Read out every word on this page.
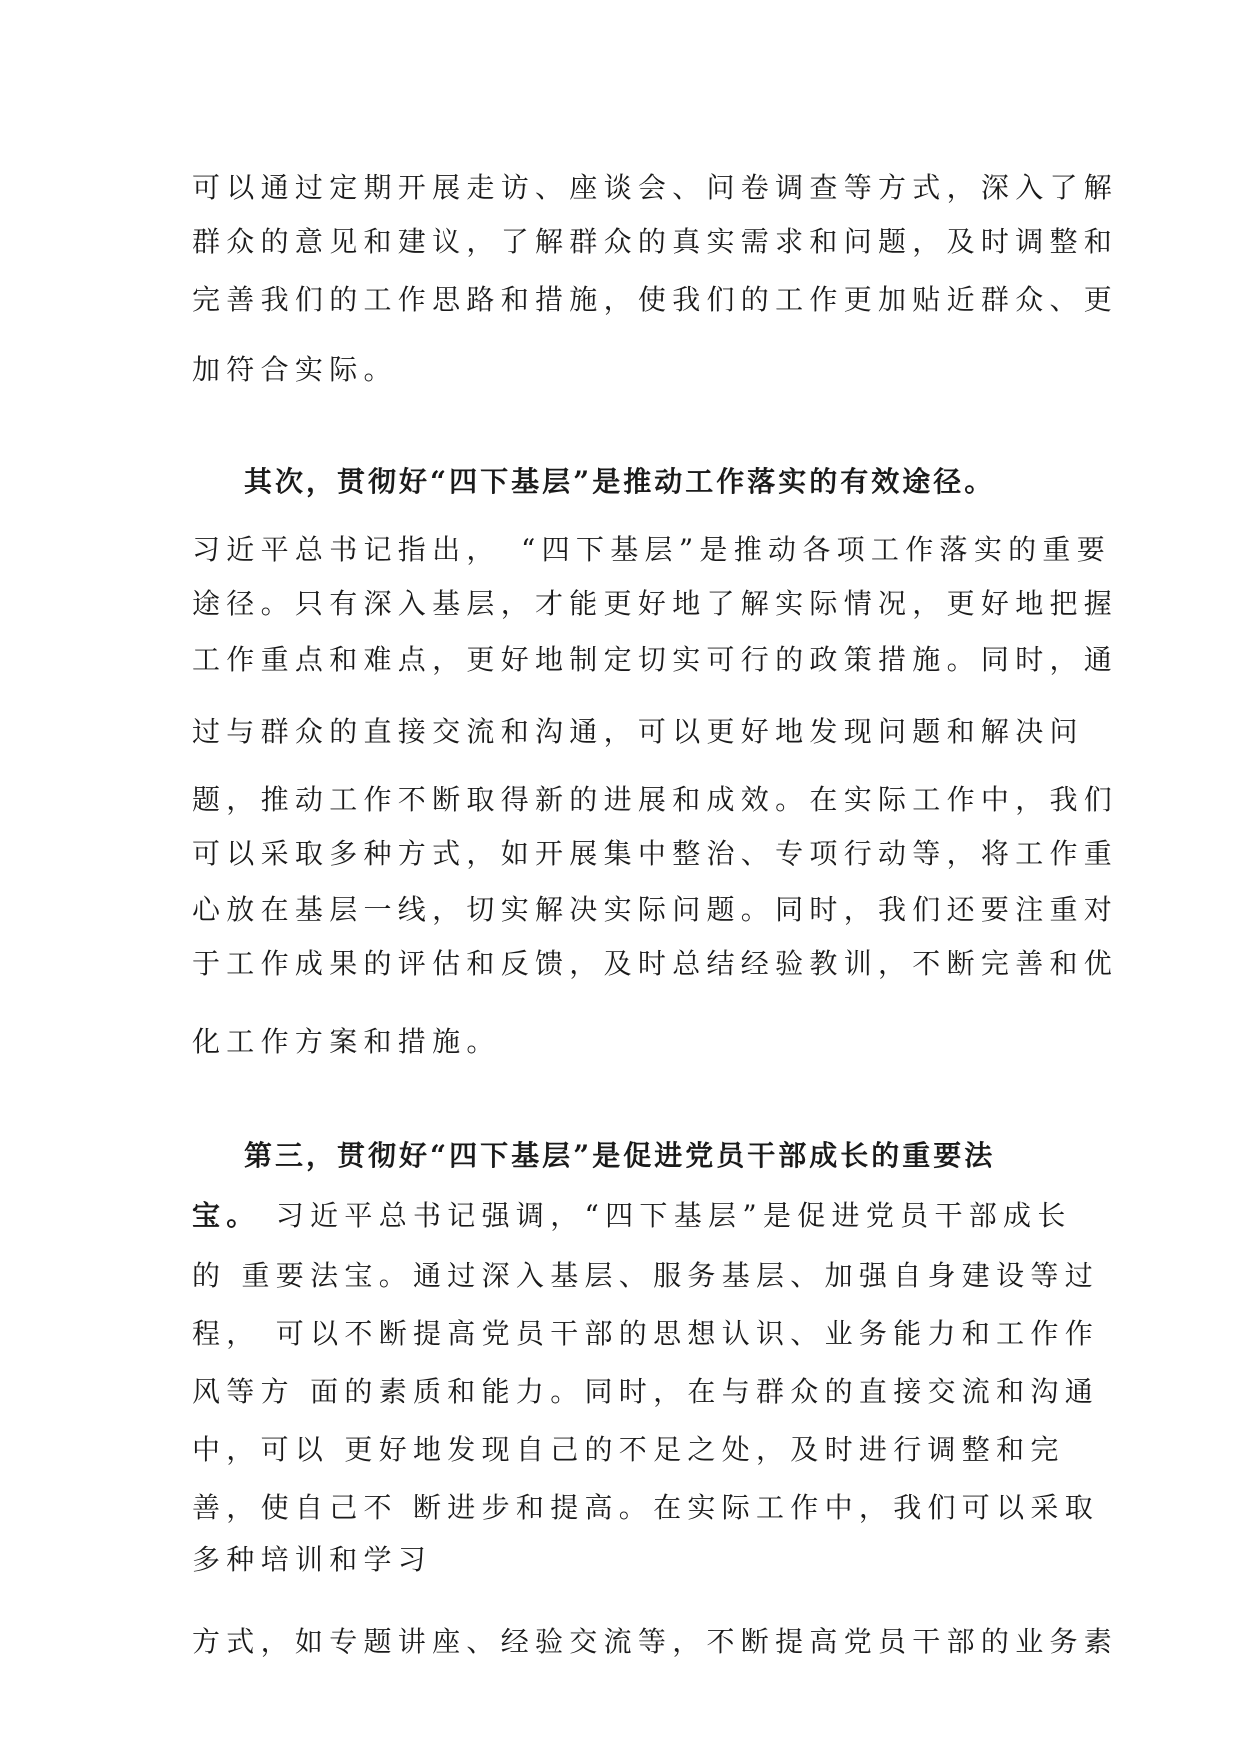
可以通过定期开展走访、座谈会、问卷调查等方式，深入了解
群众的意见和建议，了解群众的真实需求和问题，及时调整和
完善我们的工作思路和措施，使我们的工作更加贴近群众、更
加符合实际。
其次，贯彻好“四下基层”是推动工作落实的有效途径。
习近平总书记指出，　“四下基层”是推动各项工作落实的重要
途径。只有深入基层，才能更好地了解实际情况，更好地把握
工作重点和难点，更好地制定切实可行的政策措施。同时，通
过与群众的直接交流和沟通，可以更好地发现问题和解决问
题，推动工作不断取得新的进展和成效。在实际工作中，我们
可以采取多种方式，如开展集中整治、专项行动等，将工作重
心放在基层一线，切实解决实际问题。同时，我们还要注重对
于工作成果的评估和反馈，及时总结经验教训，不断完善和优
化工作方案和措施。
第三，贯彻好“四下基层”是促进党员干部成长的重要法
宝。 习近平总书记强调，“四下基层”是促进党员干部成长
的 重要法宝。通过深入基层、服务基层、加强自身建设等过
程， 可以不断提高党员干部的思想认识、业务能力和工作作
风等方 面的素质和能力。同时，在与群众的直接交流和沟通
中，可以 更好地发现自己的不足之处，及时进行调整和完
善，使自己不 断进步和提高。在实际工作中，我们可以采取
多种培训和学习
方式，如专题讲座、经验交流等，不断提高党员干部的业务素
